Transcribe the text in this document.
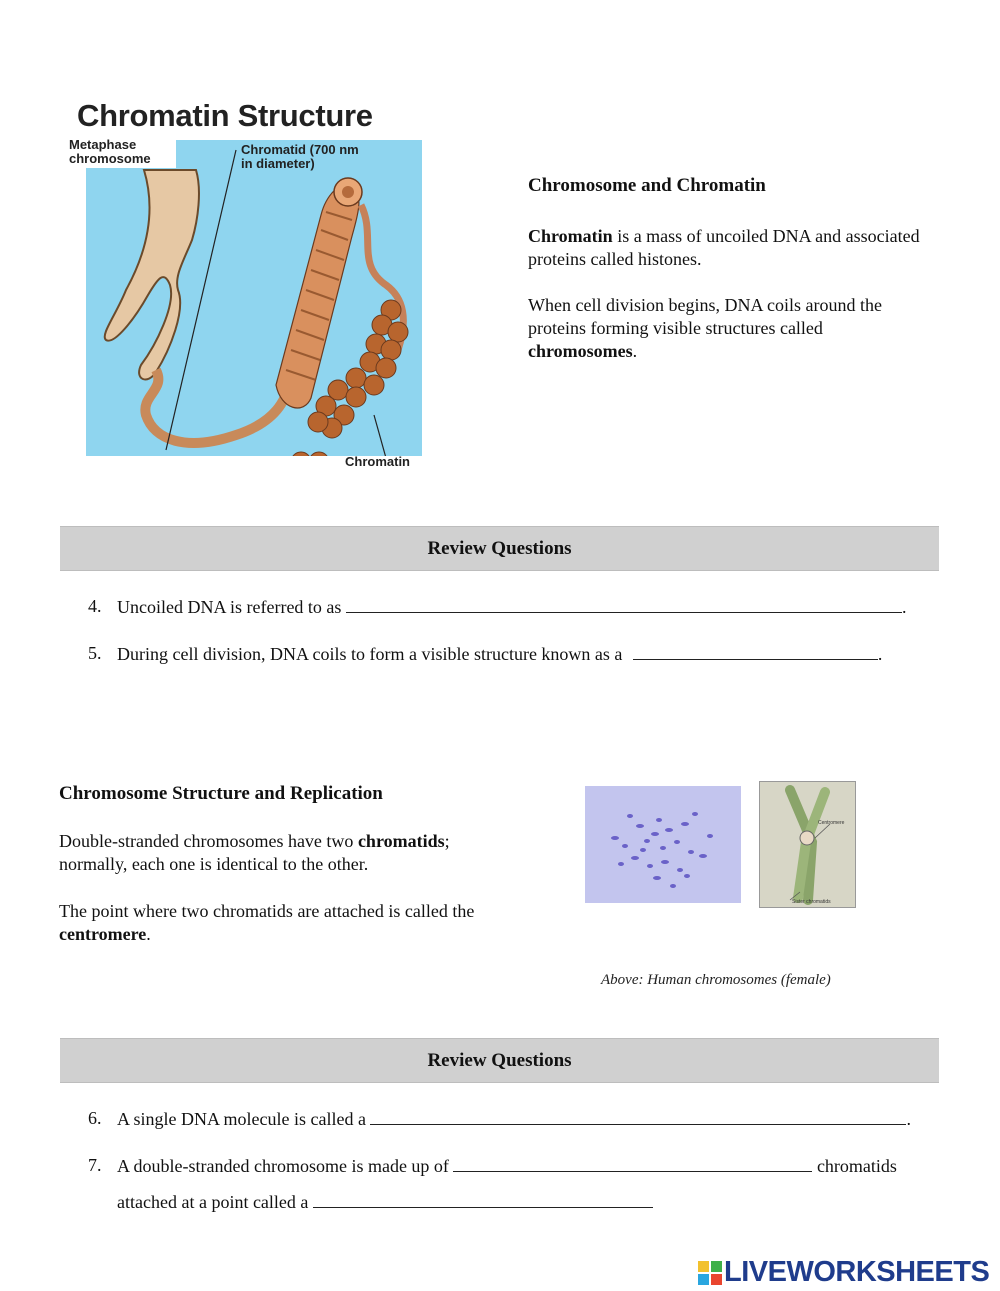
Chromatin Structure
Metaphase chromosome
Chromatid (700 nm in diameter)
Chromatin
Chromosome and Chromatin
Chromatin is a mass of uncoiled DNA and associated proteins called histones.
When cell division begins, DNA coils around the proteins forming visible structures called chromosomes.
Review Questions
4. Uncoiled DNA is referred to as	.
5. During cell division, DNA coils to form a visible structure known as a	.
Chromosome Structure and Replication
Double-stranded chromosomes have two chromatids; normally, each one is identical to the other.
The point where two chromatids are attached is called the centromere.
Centromere
Sister chromatids
Above: Human chromosomes (female)
Review Questions
6. A single DNA molecule is called a	.
7. A double-stranded chromosome is made up of	chromatids
attached at a point called a
LIVEWORKSHEETS
